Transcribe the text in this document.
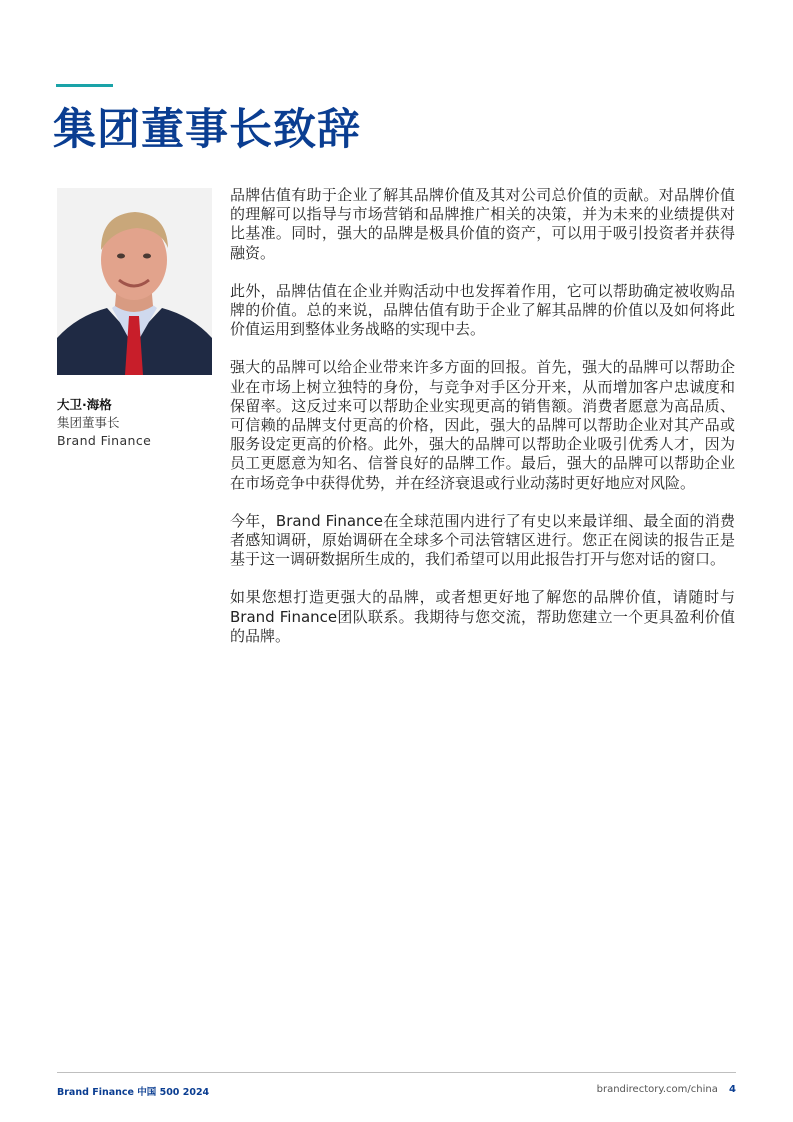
集团董事长致辞
大卫·海格
集团董事长
Brand Finance

品牌估值有助于企业了解其品牌价值及其对公司总价值的贡献。对品牌价值的理解可以指导与市场营销和品牌推广相关的决策，并为未来的业绩提供对比基准。同时，强大的品牌是极具价值的资产，可以用于吸引投资者并获得融资。

此外，品牌估值在企业并购活动中也发挥着作用，它可以帮助确定被收购品牌的价值。总的来说，品牌估值有助于企业了解其品牌的价值以及如何将此价值运用到整体业务战略的实现中去。

强大的品牌可以给企业带来许多方面的回报。首先，强大的品牌可以帮助企业在市场上树立独特的身份，与竞争对手区分开来，从而增加客户忠诚度和保留率。这反过来可以帮助企业实现更高的销售额。消费者愿意为高品质、可信赖的品牌支付更高的价格，因此，强大的品牌可以帮助企业对其产品或服务设定更高的价格。此外，强大的品牌可以帮助企业吸引优秀人才，因为员工更愿意为知名、信誉良好的品牌工作。最后，强大的品牌可以帮助企业在市场竞争中获得优势，并在经济衰退或行业动荡时更好地应对风险。

今年，Brand Finance在全球范围内进行了有史以来最详细、最全面的消费者感知调研，原始调研在全球多个司法管辖区进行。您正在阅读的报告正是基于这一调研数据所生成的，我们希望可以用此报告打开与您对话的窗口。

如果您想打造更强大的品牌，或者想更好地了解您的品牌价值，请随时与Brand Finance团队联系。我期待与您交流，帮助您建立一个更具盈利价值的品牌。

Brand Finance 中国 500 2024	brandirectory.com/china 4
